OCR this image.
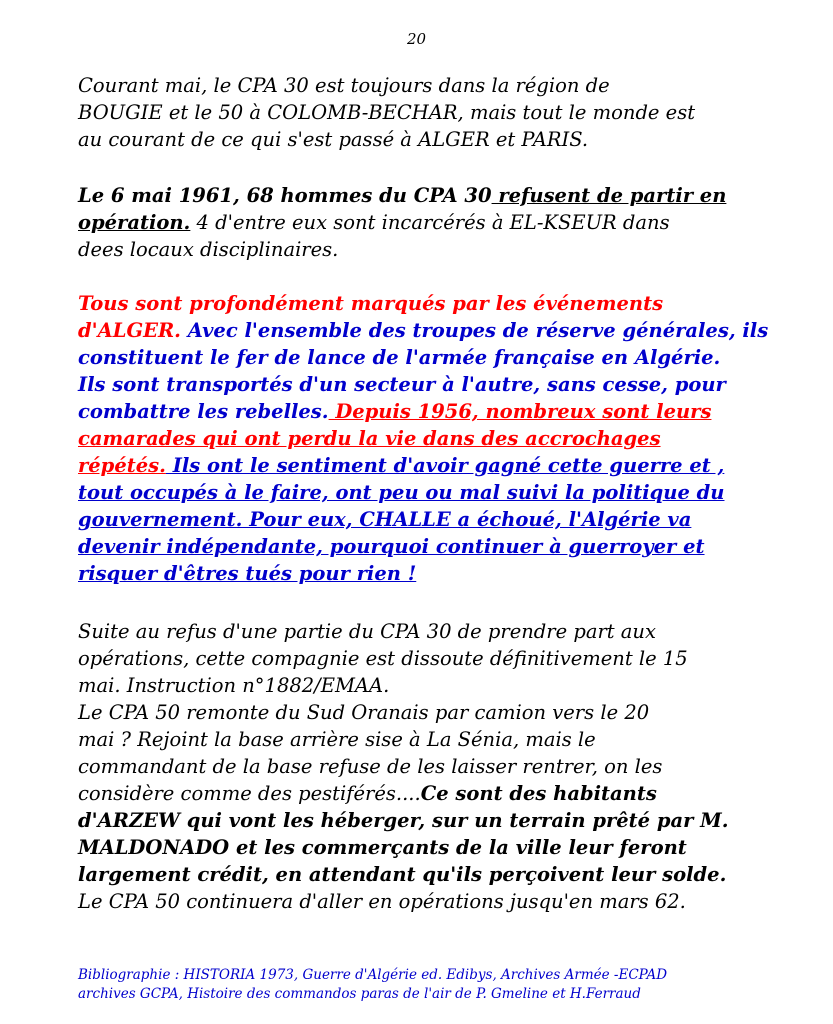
20

Courant mai, le CPA 30 est toujours dans la région de
BOUGIE et le 50 à COLOMB-BECHAR, mais tout le monde est
au courant de ce qui s'est passé à ALGER et PARIS.

Le 6 mai 1961, 68 hommes du CPA 30 refusent de partir en
opération. 4 d'entre eux sont incarcérés à EL-KSEUR dans
dees locaux disciplinaires.

Tous sont profondément marqués par les événements
d'ALGER. Avec l'ensemble des troupes de réserve générales, ils
constituent le fer de lance de l'armée française en Algérie.
Ils sont transportés d'un secteur à l'autre, sans cesse, pour
combattre les rebelles. Depuis 1956, nombreux sont leurs
camarades qui ont perdu la vie dans des accrochages
répétés. Ils ont le sentiment d'avoir gagné cette guerre et ,
tout occupés à le faire, ont peu ou mal suivi la politique du
gouvernement. Pour eux, CHALLE a échoué, l'Algérie va
devenir indépendante, pourquoi continuer à guerroyer et
risquer d'êtres tués pour rien !

Suite au refus d'une partie du CPA 30 de prendre part aux
opérations, cette compagnie est dissoute définitivement le 15
mai. Instruction n°1882/EMAA.
Le CPA 50 remonte du Sud Oranais par camion vers le 20
mai ? Rejoint la base arrière sise à La Sénia, mais le
commandant de la base refuse de les laisser rentrer, on les
considère comme des pestiférés....Ce sont des habitants
d'ARZEW qui vont les héberger, sur un terrain prêté par M.
MALDONADO et les commerçants de la ville leur feront
largement crédit, en attendant qu'ils perçoivent leur solde.
Le CPA 50 continuera d'aller en opérations jusqu'en mars 62.

Bibliographie : HISTORIA 1973, Guerre d'Algérie ed. Edibys, Archives Armée -ECPAD
archives GCPA, Histoire des commandos paras de l'air de P. Gmeline et H.Ferraud
